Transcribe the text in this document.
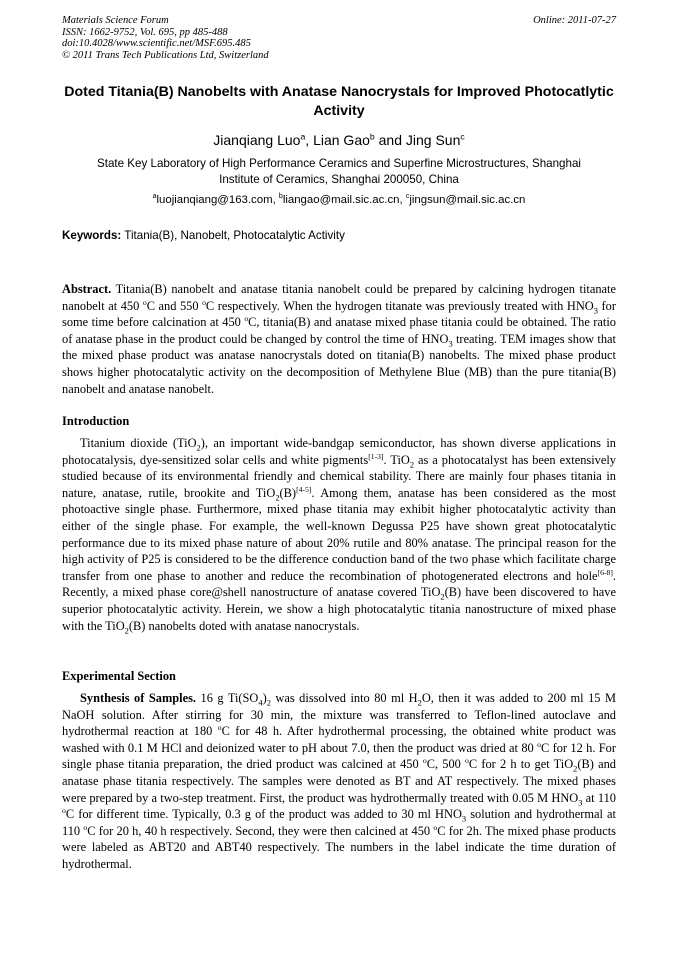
Materials Science Forum
ISSN: 1662-9752, Vol. 695, pp 485-488
doi:10.4028/www.scientific.net/MSF.695.485
© 2011 Trans Tech Publications Ltd, Switzerland
Online: 2011-07-27
Doted Titania(B) Nanobelts with Anatase Nanocrystals for Improved Photocatlytic Activity
Jianqiang Luo$^a$, Lian Gao$^b$ and Jing Sun$^c$
State Key Laboratory of High Performance Ceramics and Superfine Microstructures, Shanghai
Institute of Ceramics, Shanghai 200050, China
$^a$luojianqiang@163.com, $^b$liangao@mail.sic.ac.cn, $^c$jingsun@mail.sic.ac.cn
Keywords: Titania(B), Nanobelt, Photocatalytic Activity

Abstract. Titania(B) nanobelt and anatase titania nanobelt could be prepared by calcining hydrogen titanate nanobelt at 450 $^o$C and 550 $^o$C respectively. When the hydrogen titanate was previously treated with $HNO_3$ for some time before calcination at 450 $^o$C, titania(B) and anatase mixed phase titania could be obtained. The ratio of anatase phase in the product could be changed by control the time of $HNO_3$ treating. TEM images show that the mixed phase product was anatase nanocrystals doted on titania(B) nanobelts. The mixed phase product shows higher photocatalytic activity on the decomposition of Methylene Blue (MB) than the pure titania(B) nanobelt and anatase nanobelt.

Introduction

Titanium dioxide (TiO$_2$), an important wide-bandgap semiconductor, has shown diverse applications in photocatalysis, dye-sensitized solar cells and white pigments[1-3]. TiO$_2$ as a photocatalyst has been extensively studied because of its environmental friendly and chemical stability. There are mainly four phases titania in nature, anatase, rutile, brookite and TiO$_2$(B)[4-5]. Among them, anatase has been considered as the most photoactive single phase. Furthermore, mixed phase titania may exhibit higher photocatalytic activity than either of the single phase. For example, the well-known Degussa P25 have shown great photocatalytic performance due to its mixed phase nature of about 20% rutile and 80% anatase. The principal reason for the high activity of P25 is considered to be the difference conduction band of the two phase which facilitate charge transfer from one phase to another and reduce the recombination of photogenerated electrons and hole[6-8]. Recently, a mixed phase core@shell nanostructure of anatase covered TiO$_2$(B) have been discovered to have superior photocatalytic activity. Herein, we show a high photocatalytic titania nanostructure of mixed phase with the TiO$_2$(B) nanobelts doted with anatase nanocrystals.

Experimental Section

Synthesis of Samples. 16 g $Ti(SO_4)_2$ was dissolved into 80 ml $H_2O$, then it was added to 200 ml 15 M NaOH solution. After stirring for 30 min, the mixture was transferred to Teflon-lined autoclave and hydrothermal reaction at 180 $^o$C for 48 h. After hydrothermal processing, the obtained white product was washed with 0.1 M HCl and deionized water to pH about 7.0, then the product was dried at 80 $^o$C for 12 h. For single phase titania preparation, the dried product was calcined at 450 $^o$C, 500 $^o$C for 2 h to get TiO$_2$(B) and anatase phase titania respectively. The samples were denoted as BT and AT respectively. The mixed phases were prepared by a two-step treatment. First, the product was hydrothermally treated with 0.05 M $HNO_3$ at 110 $^o$C for different time. Typically, 0.3 g of the product was added to 30 ml $HNO_3$ solution and hydrothermal at 110 $^o$C for 20 h, 40 h respectively. Second, they were then calcined at 450 $^o$C for 2h. The mixed phase products were labeled as ABT20 and ABT40 respectively. The numbers in the label indicate the time duration of hydrothermal.
